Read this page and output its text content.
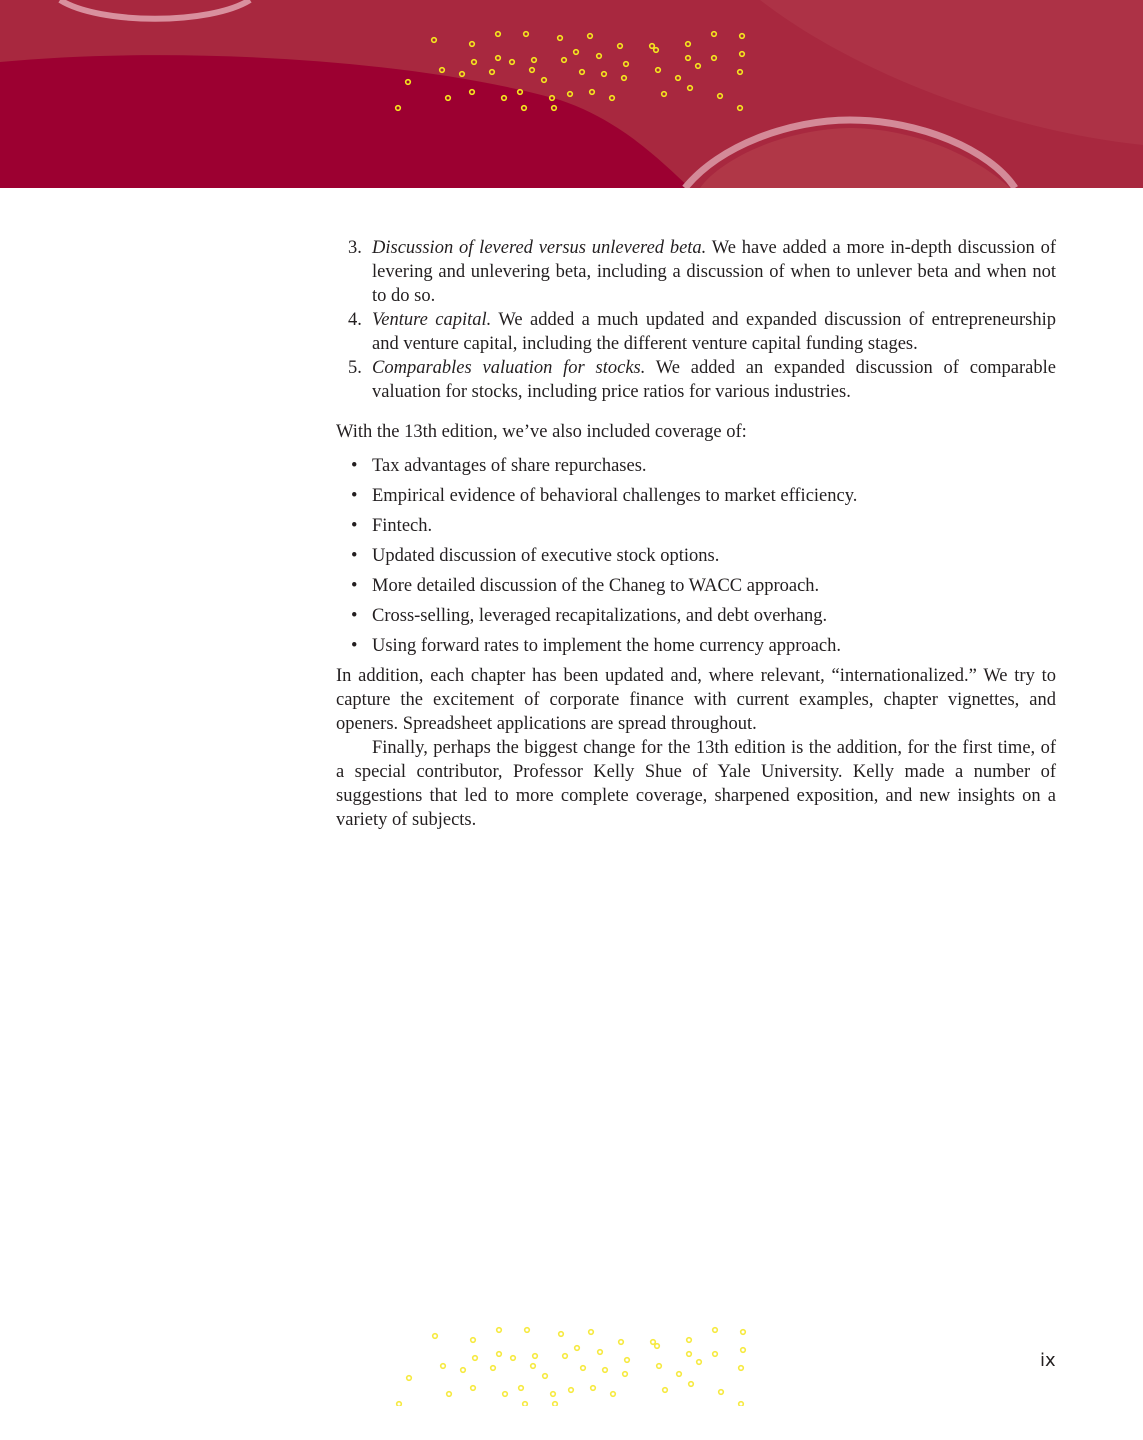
3. Discussion of levered versus unlevered beta. We have added a more in-depth discussion of levering and unlevering beta, including a discussion of when to unlever beta and when not to do so.
4. Venture capital. We added a much updated and expanded discussion of entrepreneurship and venture capital, including the different venture capital funding stages.
5. Comparables valuation for stocks. We added an expanded discussion of comparable valuation for stocks, including price ratios for various industries.

With the 13th edition, we’ve also included coverage of:

• Tax advantages of share repurchases.
• Empirical evidence of behavioral challenges to market efficiency.
• Fintech.
• Updated discussion of executive stock options.
• More detailed discussion of the Chaneg to WACC approach.
• Cross-selling, leveraged recapitalizations, and debt overhang.
• Using forward rates to implement the home currency approach.

In addition, each chapter has been updated and, where relevant, “internationalized.” We try to capture the excitement of corporate finance with current examples, chapter vignettes, and openers. Spreadsheet applications are spread throughout.

Finally, perhaps the biggest change for the 13th edition is the addition, for the first time, of a special contributor, Professor Kelly Shue of Yale University. Kelly made a number of suggestions that led to more complete coverage, sharpened exposition, and new insights on a variety of subjects.

ix
